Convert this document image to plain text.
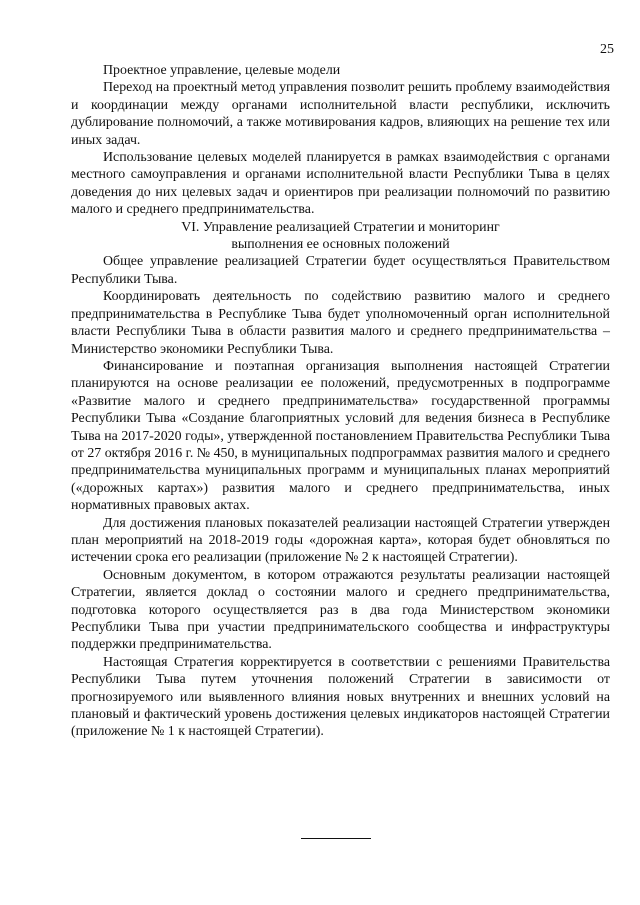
25

Проектное управление, целевые модели

Переход на проектный метод управления позволит решить проблему взаимодействия и координации между органами исполнительной власти республики, исключить дублирование полномочий, а также мотивирования кадров, влияющих на решение тех или иных задач.

Использование целевых моделей планируется в рамках взаимодействия с органами местного самоуправления и органами исполнительной власти Республики Тыва в целях доведения до них целевых задач и ориентиров при реализации полномочий по развитию малого и среднего предпринимательства.

VI. Управление реализацией Стратегии и мониторинг
выполнения ее основных положений

Общее управление реализацией Стратегии будет осуществляться Правительством Республики Тыва.

Координировать деятельность по содействию развитию малого и среднего предпринимательства в Республике Тыва будет уполномоченный орган исполнительной власти Республики Тыва в области развития малого и среднего предпринимательства – Министерство экономики Республики Тыва.

Финансирование и поэтапная организация выполнения настоящей Стратегии планируются на основе реализации ее положений, предусмотренных в подпрограмме «Развитие малого и среднего предпринимательства» государственной программы Республики Тыва «Создание благоприятных условий для ведения бизнеса в Республике Тыва на 2017-2020 годы», утвержденной постановлением Правительства Республики Тыва от 27 октября 2016 г. № 450, в муниципальных подпрограммах развития малого и среднего предпринимательства муниципальных программ и муниципальных планах мероприятий («дорожных картах») развития малого и среднего предпринимательства, иных нормативных правовых актах.

Для достижения плановых показателей реализации настоящей Стратегии утвержден план мероприятий на 2018-2019 годы «дорожная карта», которая будет обновляться по истечении срока его реализации (приложение № 2 к настоящей Стратегии).

Основным документом, в котором отражаются результаты реализации настоящей Стратегии, является доклад о состоянии малого и среднего предпринимательства, подготовка которого осуществляется раз в два года Министерством экономики Республики Тыва при участии предпринимательского сообщества и инфраструктуры поддержки предпринимательства.

Настоящая Стратегия корректируется в соответствии с решениями Правительства Республики Тыва путем уточнения положений Стратегии в зависимости от прогнозируемого или выявленного влияния новых внутренних и внешних условий на плановый и фактический уровень достижения целевых индикаторов настоящей Стратегии (приложение № 1 к настоящей Стратегии).
